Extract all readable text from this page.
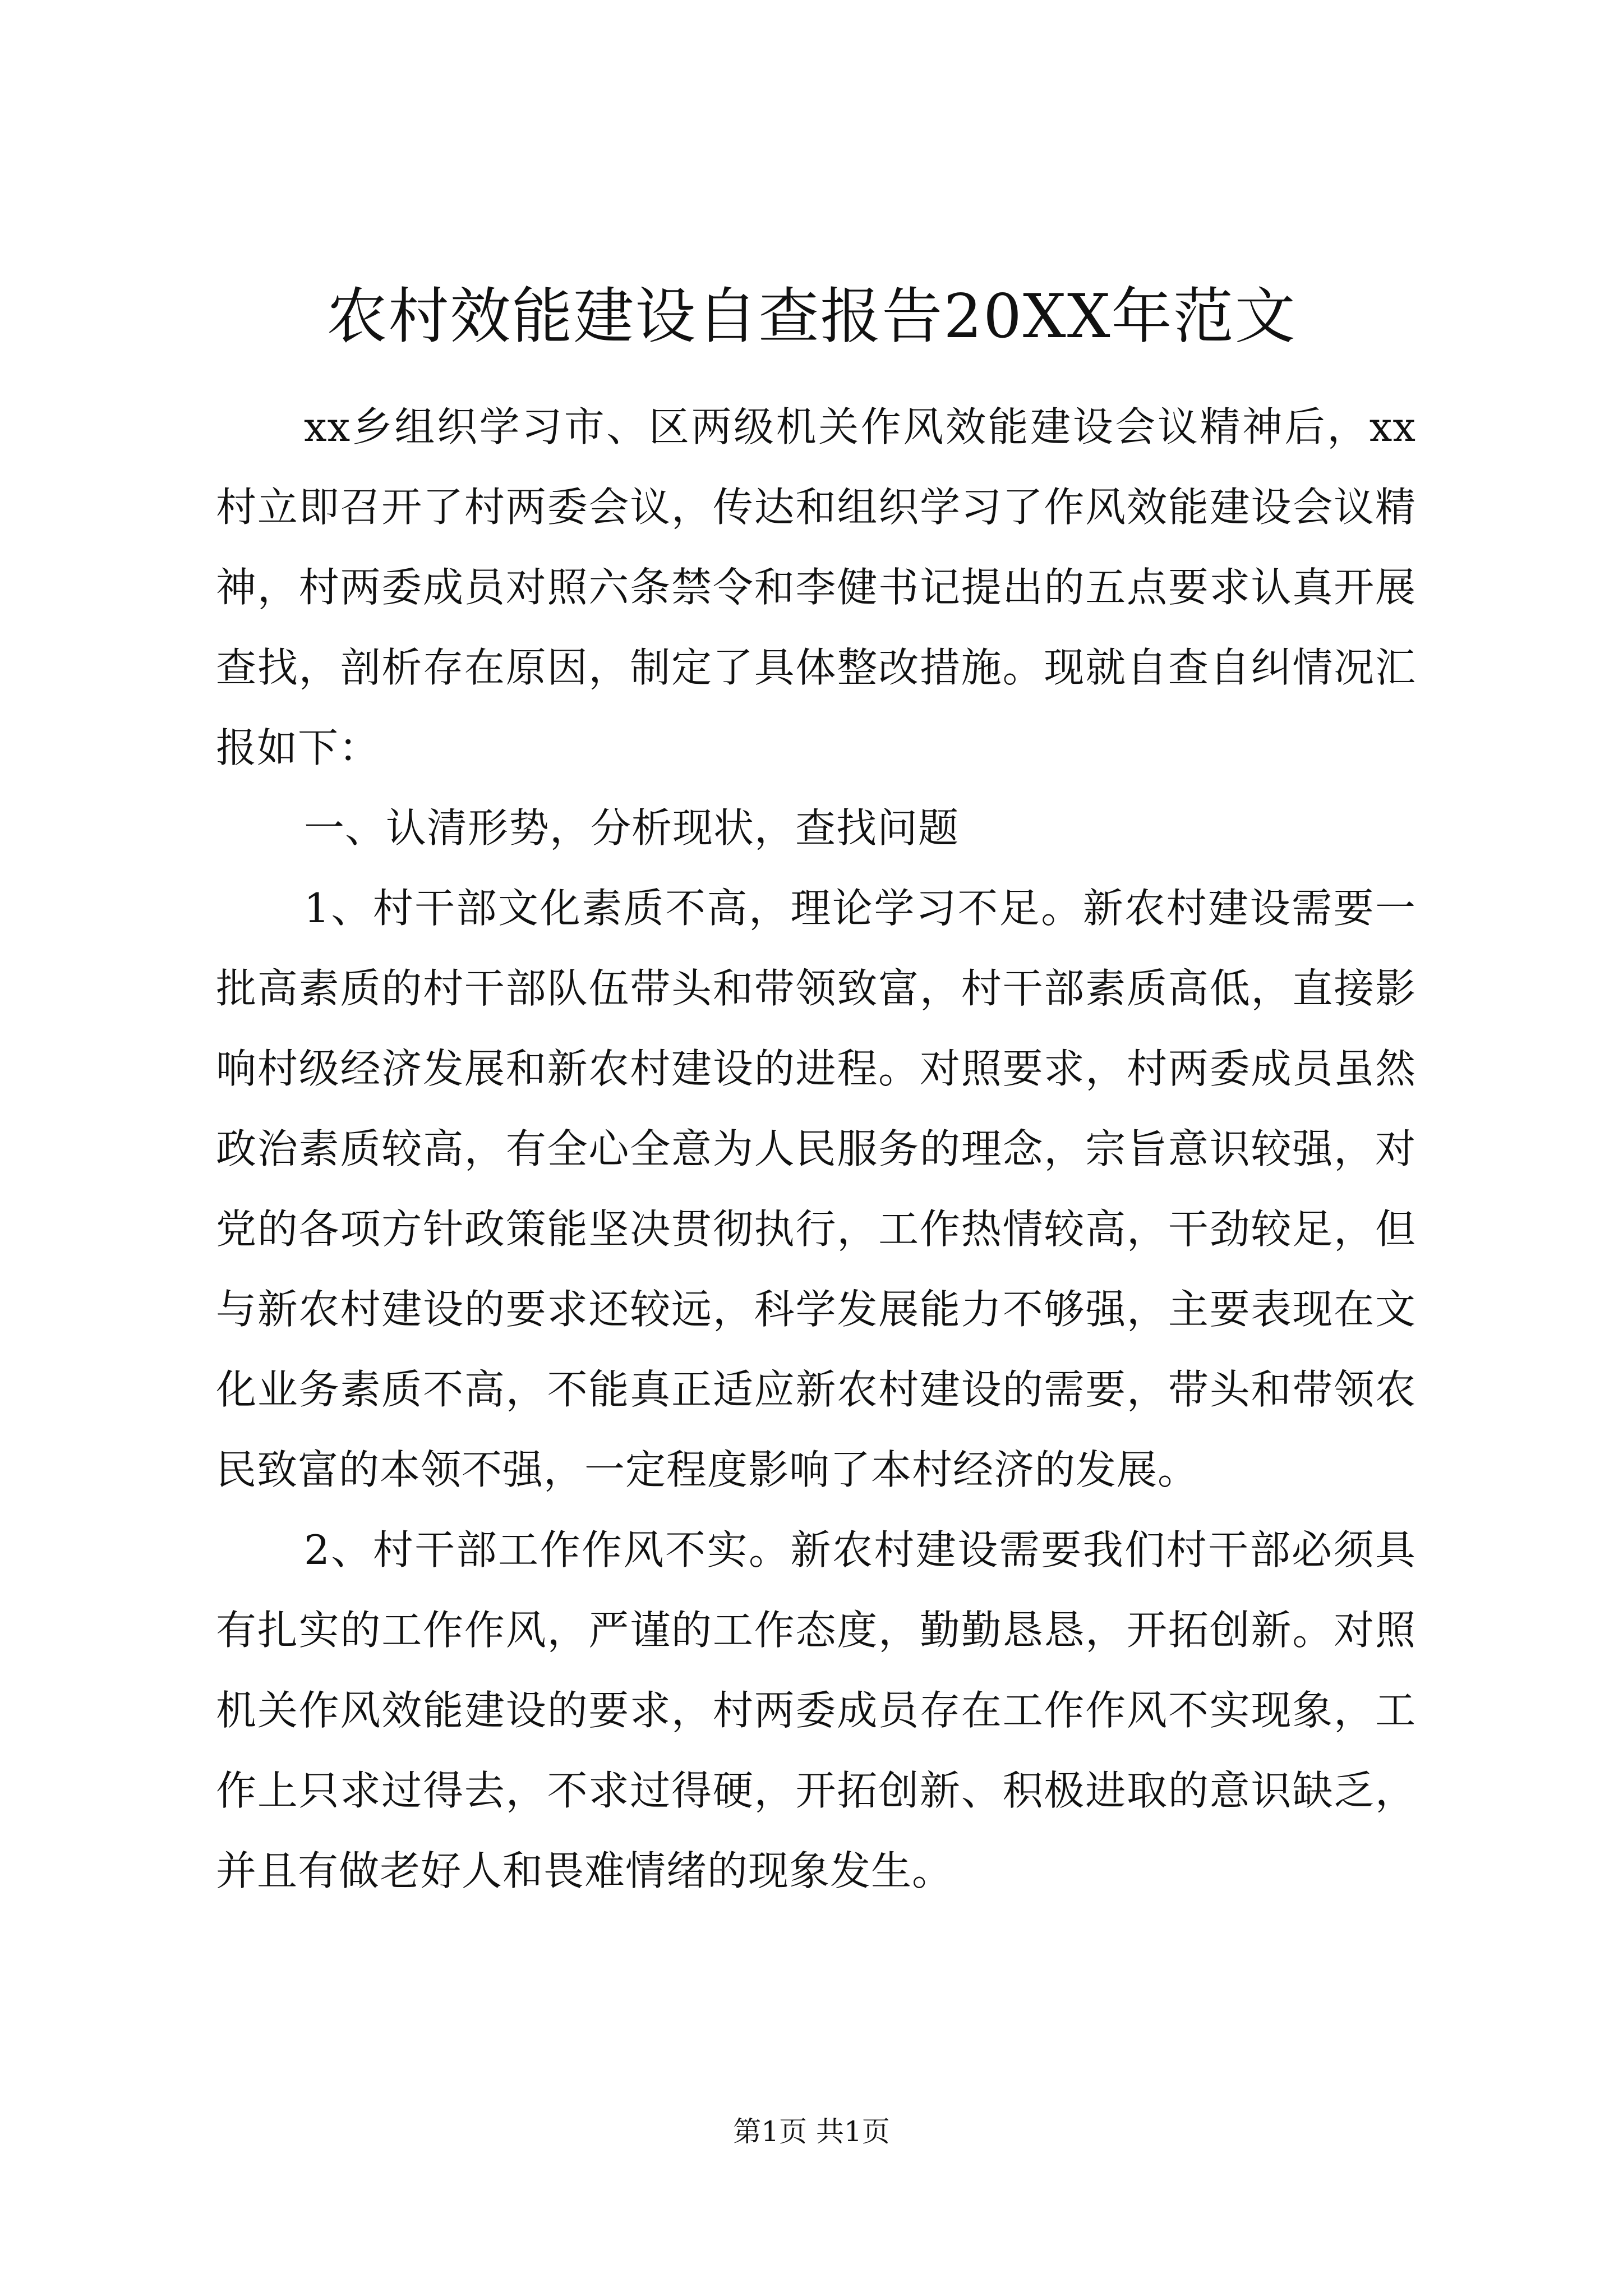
农村效能建设自查报告20XX年范文

xx乡组织学习市、区两级机关作风效能建设会议精神后，xx村立即召开了村两委会议，传达和组织学习了作风效能建设会议精神，村两委成员对照六条禁令和李健书记提出的五点要求认真开展查找，剖析存在原因，制定了具体整改措施。现就自查自纠情况汇报如下：

一、认清形势，分析现状，查找问题

1、村干部文化素质不高，理论学习不足。新农村建设需要一批高素质的村干部队伍带头和带领致富，村干部素质高低，直接影响村级经济发展和新农村建设的进程。对照要求，村两委成员虽然政治素质较高，有全心全意为人民服务的理念，宗旨意识较强，对党的各项方针政策能坚决贯彻执行，工作热情较高，干劲较足，但与新农村建设的要求还较远，科学发展能力不够强，主要表现在文化业务素质不高，不能真正适应新农村建设的需要，带头和带领农民致富的本领不强，一定程度影响了本村经济的发展。

2、村干部工作作风不实。新农村建设需要我们村干部必须具有扎实的工作作风，严谨的工作态度，勤勤恳恳，开拓创新。对照机关作风效能建设的要求，村两委成员存在工作作风不实现象，工作上只求过得去，不求过得硬，开拓创新、积极进取的意识缺乏，并且有做老好人和畏难情绪的现象发生。

第1页 共1页
